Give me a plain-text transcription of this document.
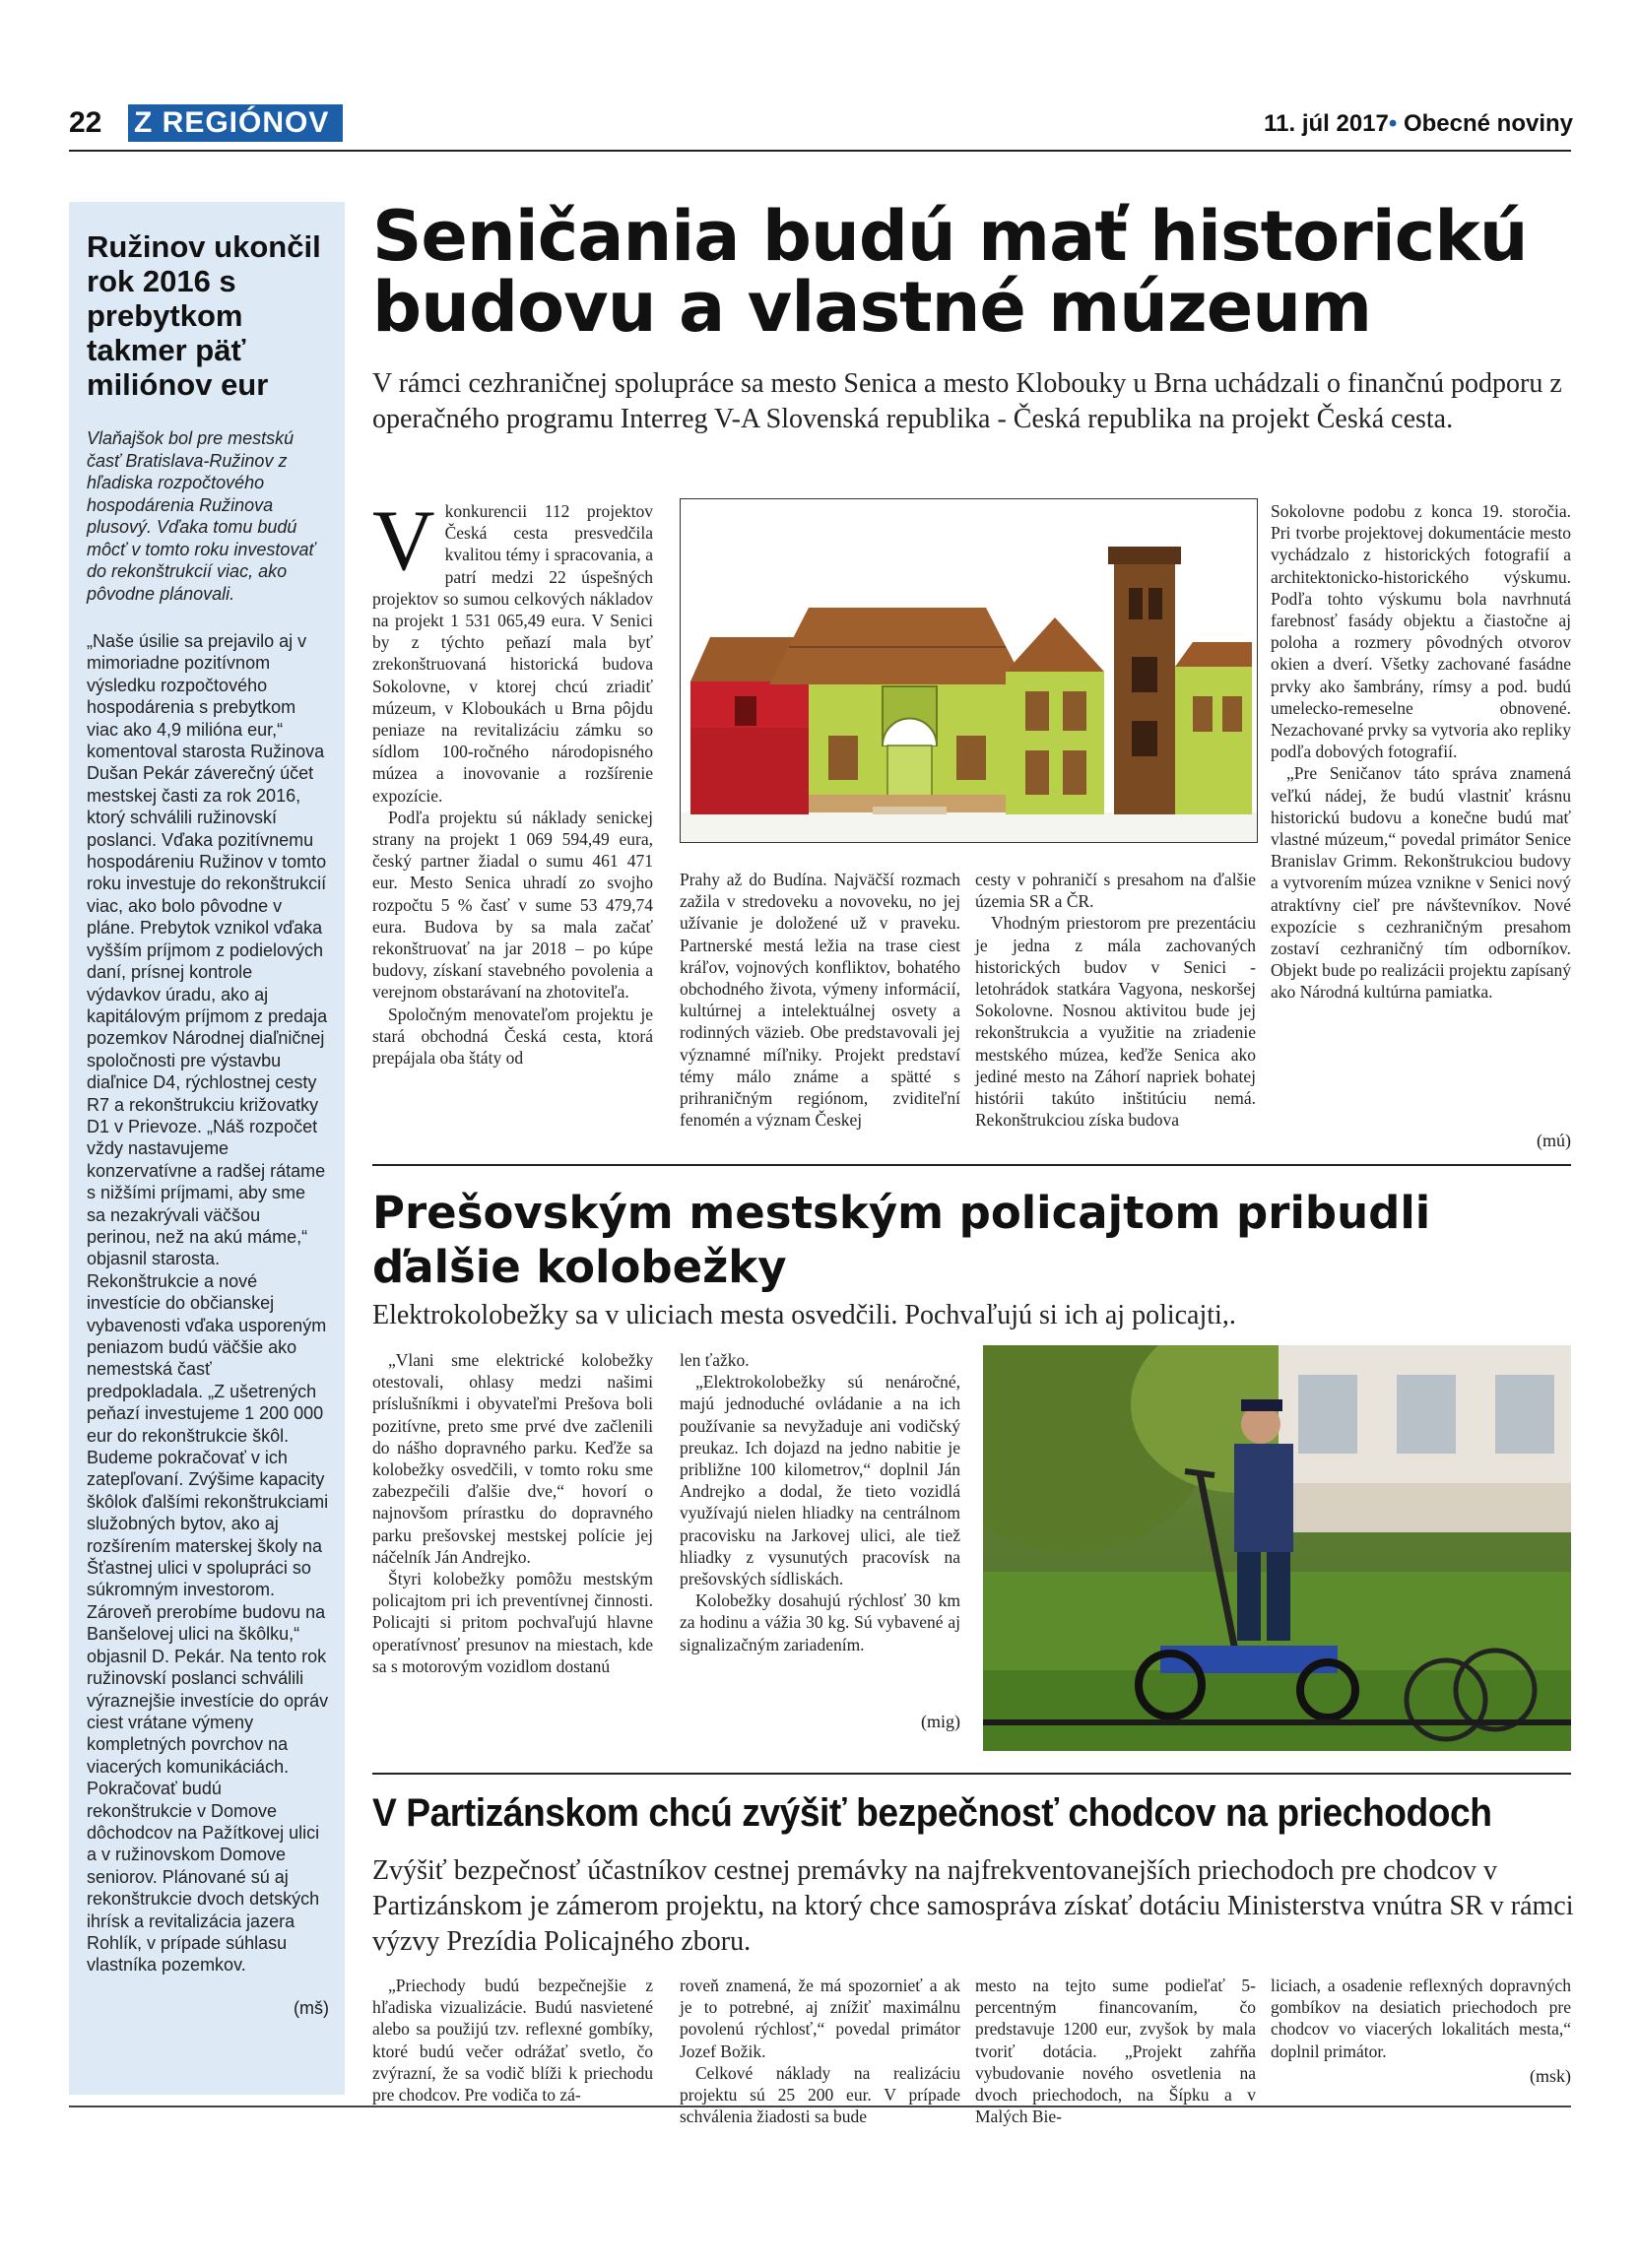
22 Z REGIÓNOV	11. júl 2017• Obecné noviny
Ružinov ukončil rok 2016 s prebytkom takmer päť miliónov eur
Vlaňajšok bol pre mestskú časť Bratislava-Ružinov z hľadiska rozpočtového hospodárenia Ružinova plusový. Vďaka tomu budú môcť v tomto roku investovať do rekonštrukcií viac, ako pôvodne plánovali.
„Naše úsilie sa prejavilo aj v mimoriadne pozitívnom výsledku rozpočtového hospodárenia s prebytkom viac ako 4,9 milióna eur,“ komentoval starosta Ružinova Dušan Pekár záverečný účet mestskej časti za rok 2016, ktorý schválili ružinovskí poslanci. Vďaka pozitívnemu hospodáreniu Ružinov v tomto roku investuje do rekonštrukcií viac, ako bolo pôvodne v pláne. Prebytok vznikol vďaka vyšším príjmom z podielových daní, prísnej kontrole výdavkov úradu, ako aj kapitálovým príjmom z predaja pozemkov Národnej diaľničnej spoločnosti pre výstavbu diaľnice D4, rýchlostnej cesty R7 a rekonštrukciu križovatky D1 v Prievoze. „Náš rozpočet vždy nastavujeme konzervatívne a radšej rátame s nižšími príjmami, aby sme sa nezakrývali väčšou perinou, než na akú máme,“ objasnil starosta. Rekonštrukcie a nové investície do občianskej vybavenosti vďaka usporeným peniazom budú väčšie ako nemestská časť predpokladala. „Z ušetrených peňazí investujeme 1 200 000 eur do rekonštrukcie škôl. Budeme pokračovať v ich zatepľovaní. Zvýšime kapacity škôlok ďalšími rekonštrukciami služobných bytov, ako aj rozšírením materskej školy na Šťastnej ulici v spolupráci so súkromným investorom. Zároveň prerobíme budovu na Banšelovej ulici na škôlku,“ objasnil D. Pekár. Na tento rok ružinovskí poslanci schválili výraznejšie investície do opráv ciest vrátane výmeny kompletných povrchov na viacerých komunikáciách. Pokračovať budú rekonštrukcie v Domove dôchodcov na Pažítkovej ulici a v ružinovskom Domove seniorov. Plánované sú aj rekonštrukcie dvoch detských ihrísk a revitalizácia jazera Rohlík, v prípade súhlasu vlastníka pozemkov.
(mš)
Seničania budú mať historickú budovu a vlastné múzeum
V rámci cezhraničnej spolupráce sa mesto Senica a mesto Klobouky u Brna uchádzali o finančnú podporu z operačného programu Interreg V-A Slovenská republika - Česká republika na projekt Česká cesta.
V konkurencii 112 projektov Česká cesta presvedčila kvalitou témy i spracovania, a patrí medzi 22 úspešných projektov so sumou celkových nákladov na projekt 1 531 065,49 eura. V Senici by z týchto peňazí mala byť zrekonštruovaná historická budova Sokolovne, v ktorej chcú zriadiť múzeum, v Kloboukách u Brna pôjdu peniaze na revitalizáciu zámku so sídlom 100-ročného národopisného múzea a inovovanie a rozšírenie expozície.

Podľa projektu sú náklady senickej strany na projekt 1 069 594,49 eura, český partner žiadal o sumu 461 471 eur. Mesto Senica uhradí zo svojho rozpočtu 5 % časť v sume 53 479,74 eura. Budova by sa mala začať rekonštruovať na jar 2018 – po kúpe budovy, získaní stavebného povolenia a verejnom obstarávaní na zhotoviteľa.

Spoločným menovateľom projektu je stará obchodná Česká cesta, ktorá prepájala oba štáty od

Prahy až do Budína. Najväčší rozmach zažila v stredoveku a novoveku, no jej užívanie je doložené už v praveku. Partnerské mestá ležia na trase ciest kráľov, vojnových konfliktov, bohatého obchodného života, výmeny informácií, kultúrnej a intelektuálnej osvety a rodinných väzieb. Obe predstavovali jej významné míľniky. Projekt predstaví témy málo známe a spätté s prihraničným regiónom, zviditeľní fenomén a význam Českej

cesty v pohraničí s presahom na ďalšie územia SR a ČR.

Vhodným priestorom pre prezentáciu je jedna z mála zachovaných historických budov v Senici - letohrádok statkára Vagyona, neskoršej Sokolovne. Nosnou aktivitou bude jej rekonštrukcia a využitie na zriadenie mestského múzea, keďže Senica ako jediné mesto na Záhorí napriek bohatej histórii takúto inštitúciu nemá. Rekonštrukciou získa budova

Sokolovne podobu z konca 19. storočia. Pri tvorbe projektovej dokumentácie mesto vychádzalo z historických fotografií a architektonicko-historického výskumu. Podľa tohto výskumu bola navrhnutá farebnosť fasády objektu a čiastočne aj poloha a rozmery pôvodných otvorov okien a dverí. Všetky zachované fasádne prvky ako šambrány, rímsy a pod. budú umelecko-remeselne obnovené. Nezachované prvky sa vytvoria ako repliky podľa dobových fotografií.

„Pre Seničanov táto správa znamená veľkú nádej, že budú vlastniť krásnu historickú budovu a konečne budú mať vlastné múzeum,“ povedal primátor Senice Branislav Grimm. Rekonštrukciou budovy a vytvorením múzea vznikne v Senici nový atraktívny cieľ pre návštevníkov. Nové expozície s cezhraničným presahom zostaví cezhraničný tím odborníkov. Objekt bude po realizácii projektu zapísaný ako Národná kultúrna pamiatka.

(mú)
Prešovským mestským policajtom pribudli ďalšie kolobežky
Elektrokolobežky sa v uliciach mesta osvedčili. Pochvaľujú si ich aj policajti,.

„Vlani sme elektrické kolobežky otestovali, ohlasy medzi našimi príslušníkmi i obyvateľmi Prešova boli pozitívne, preto sme prvé dve začlenili do nášho dopravného parku. Keďže sa kolobežky osvedčili, v tomto roku sme zabezpečili ďalšie dve,“ hovorí o najnovšom prírastku do dopravného parku prešovskej mestskej polície jej náčelník Ján Andrejko.

Štyri kolobežky pomôžu mestským policajtom pri ich preventívnej činnosti. Policajti si pritom pochvaľujú hlavne operatívnosť presunov na miestach, kde sa s motorovým vozidlom dostanú

len ťažko.

„Elektrokolobežky sú nenáročné, majú jednoduché ovládanie a na ich používanie sa nevyžaduje ani vodičský preukaz. Ich dojazd na jedno nabitie je približne 100 kilometrov,“ doplnil Ján Andrejko a dodal, že tieto vozidlá využívajú nielen hliadky na centrálnom pracovisku na Jarkovej ulici, ale tiež hliadky z vysunutých pracovísk na prešovských sídliskách.

Kolobežky dosahujú rýchlosť 30 km za hodinu a vážia 30 kg. Sú vybavené aj signalizačným zariadením.

(mig)
V Partizánskom chcú zvýšiť bezpečnosť chodcov na priechodoch
Zvýšiť bezpečnosť účastníkov cestnej premávky na najfrekventovanejších priechodoch pre chodcov v Partizánskom je zámerom projektu, na ktorý chce samospráva získať dotáciu Ministerstva vnútra SR v rámci výzvy Prezídia Policajného zboru.

„Priechody budú bezpečnejšie z hľadiska vizualizácie. Budú nasvietené alebo sa použijú tzv. reflexné gombíky, ktoré budú večer odrážať svetlo, čo zvýrazní, že sa vodič blíži k priechodu pre chodcov. Pre vodiča to zá-

roveň znamená, že má spozornieť a ak je to potrebné, aj znížiť maximálnu povolenú rýchlosť,“ povedal primátor Jozef Božik.

Celkové náklady na realizáciu projektu sú 25 200 eur. V prípade schválenia žiadosti sa bude

mesto na tejto sume podieľať 5-percentným financovaním, čo predstavuje 1200 eur, zvyšok by mala tvoriť dotácia. „Projekt zahŕňa vybudovanie nového osvetlenia na dvoch priechodoch, na Šípku a v Malých Bie-

liciach, a osadenie reflexných dopravných gombíkov na desiatich priechodoch pre chodcov vo viacerých lokalitách mesta,“ doplnil primátor.

(msk)
